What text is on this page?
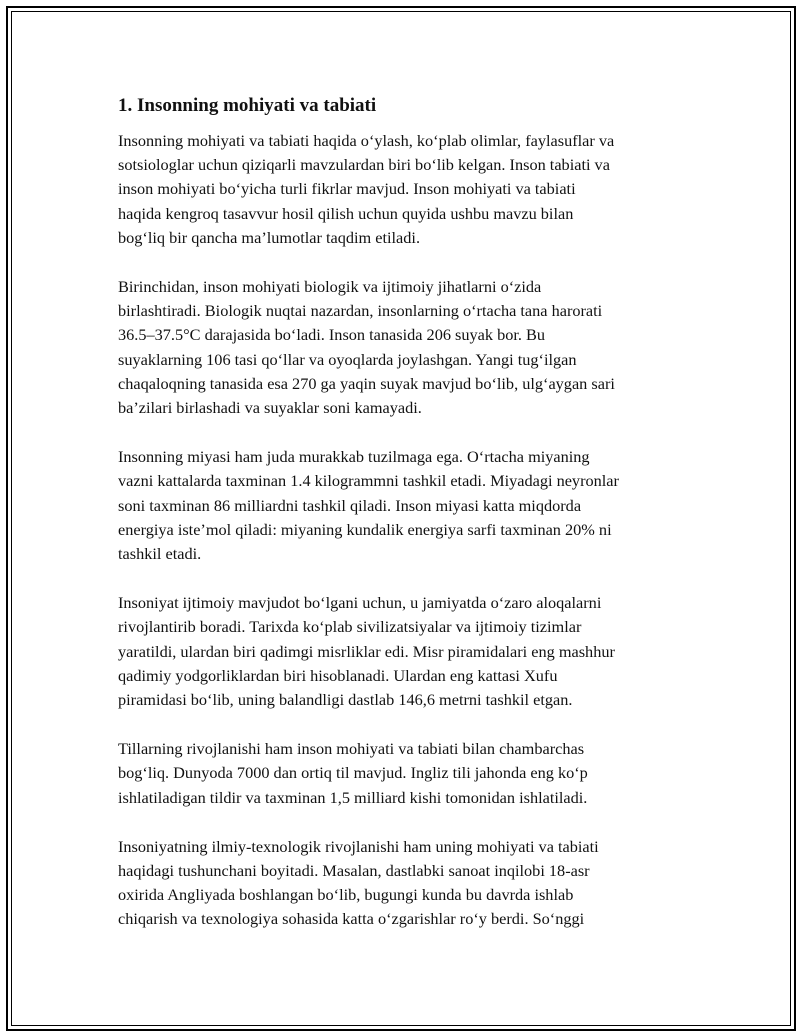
1. Insonning mohiyati va tabiati

Insonning mohiyati va tabiati haqida o‘ylash, ko‘plab olimlar, faylasuflar va
sotsiologlar uchun qiziqarli mavzulardan biri bo‘lib kelgan. Inson tabiati va
inson mohiyati bo‘yicha turli fikrlar mavjud. Inson mohiyati va tabiati
haqida kengroq tasavvur hosil qilish uchun quyida ushbu mavzu bilan
bog‘liq bir qancha ma’lumotlar taqdim etiladi.

Birinchidan, inson mohiyati biologik va ijtimoiy jihatlarni o‘zida
birlashtiradi. Biologik nuqtai nazardan, insonlarning o‘rtacha tana harorati
36.5–37.5°C darajasida bo‘ladi. Inson tanasida 206 suyak bor. Bu
suyaklarning 106 tasi qo‘llar va oyoqlarda joylashgan. Yangi tug‘ilgan
chaqaloqning tanasida esa 270 ga yaqin suyak mavjud bo‘lib, ulg‘aygan sari
ba’zilari birlashadi va suyaklar soni kamayadi.

Insonning miyasi ham juda murakkab tuzilmaga ega. O‘rtacha miyaning
vazni kattalarda taxminan 1.4 kilogrammni tashkil etadi. Miyadagi neyronlar
soni taxminan 86 milliardni tashkil qiladi. Inson miyasi katta miqdorda
energiya iste’mol qiladi: miyaning kundalik energiya sarfi taxminan 20% ni
tashkil etadi.

Insoniyat ijtimoiy mavjudot bo‘lgani uchun, u jamiyatda o‘zaro aloqalarni
rivojlantirib boradi. Tarixda ko‘plab sivilizatsiyalar va ijtimoiy tizimlar
yaratildi, ulardan biri qadimgi misrliklar edi. Misr piramidalari eng mashhur
qadimiy yodgorliklardan biri hisoblanadi. Ulardan eng kattasi Xufu
piramidasi bo‘lib, uning balandligi dastlab 146,6 metrni tashkil etgan.

Tillarning rivojlanishi ham inson mohiyati va tabiati bilan chambarchas
bog‘liq. Dunyoda 7000 dan ortiq til mavjud. Ingliz tili jahonda eng ko‘p
ishlatiladigan tildir va taxminan 1,5 milliard kishi tomonidan ishlatiladi.

Insoniyatning ilmiy-texnologik rivojlanishi ham uning mohiyati va tabiati
haqidagi tushunchani boyitadi. Masalan, dastlabki sanoat inqilobi 18-asr
oxirida Angliyada boshlangan bo‘lib, bugungi kunda bu davrda ishlab
chiqarish va texnologiya sohasida katta o‘zgarishlar ro‘y berdi. So‘nggi
